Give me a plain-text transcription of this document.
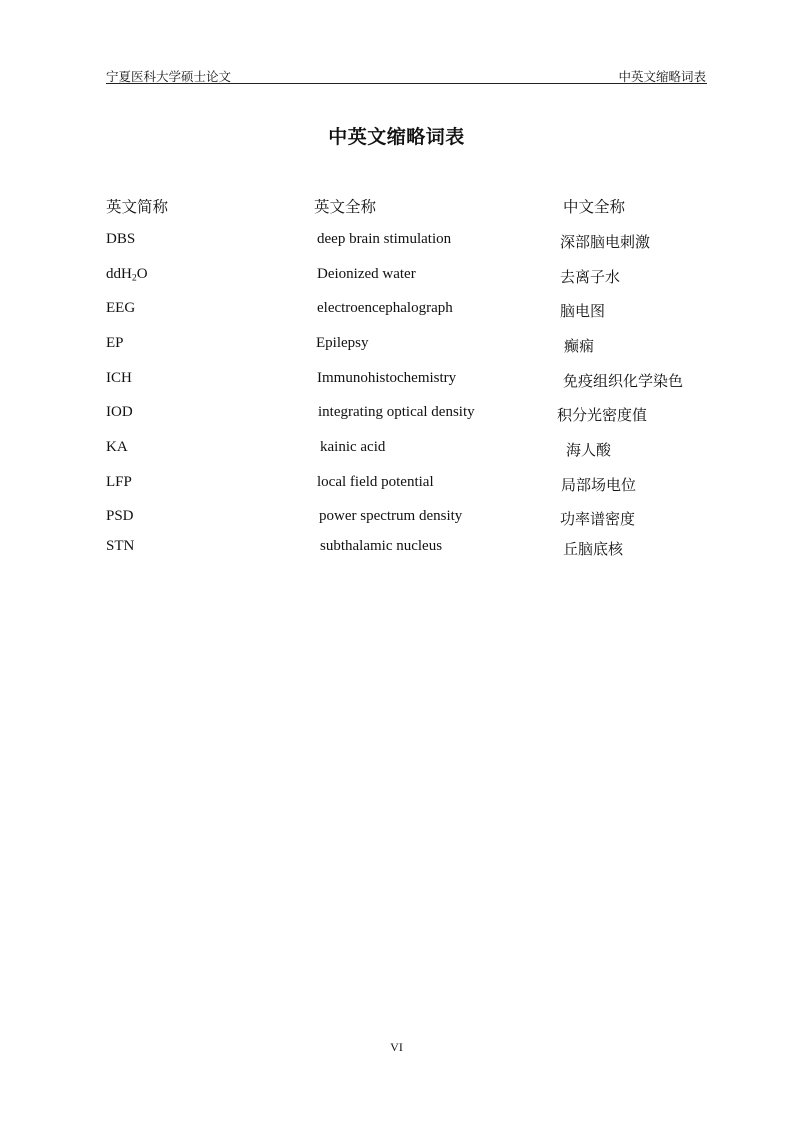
宁夏医科大学硕士论文	中英文缩略词表
中英文缩略词表
英文简称	英文全称	中文全称
DBS	deep brain stimulation	深部脑电刺激
ddH$_2$O	Deionized water	去离子水
EEG	electroencephalograph	脑电图
EP	Epilepsy	癫痫
ICH	Immunohistochemistry	免疫组织化学染色
IOD	integrating optical density	积分光密度值
KA	kainic acid	海人酸
LFP	local field potential	局部场电位
PSD	power spectrum density	功率谱密度
STN	subthalamic nucleus	丘脑底核
VI
